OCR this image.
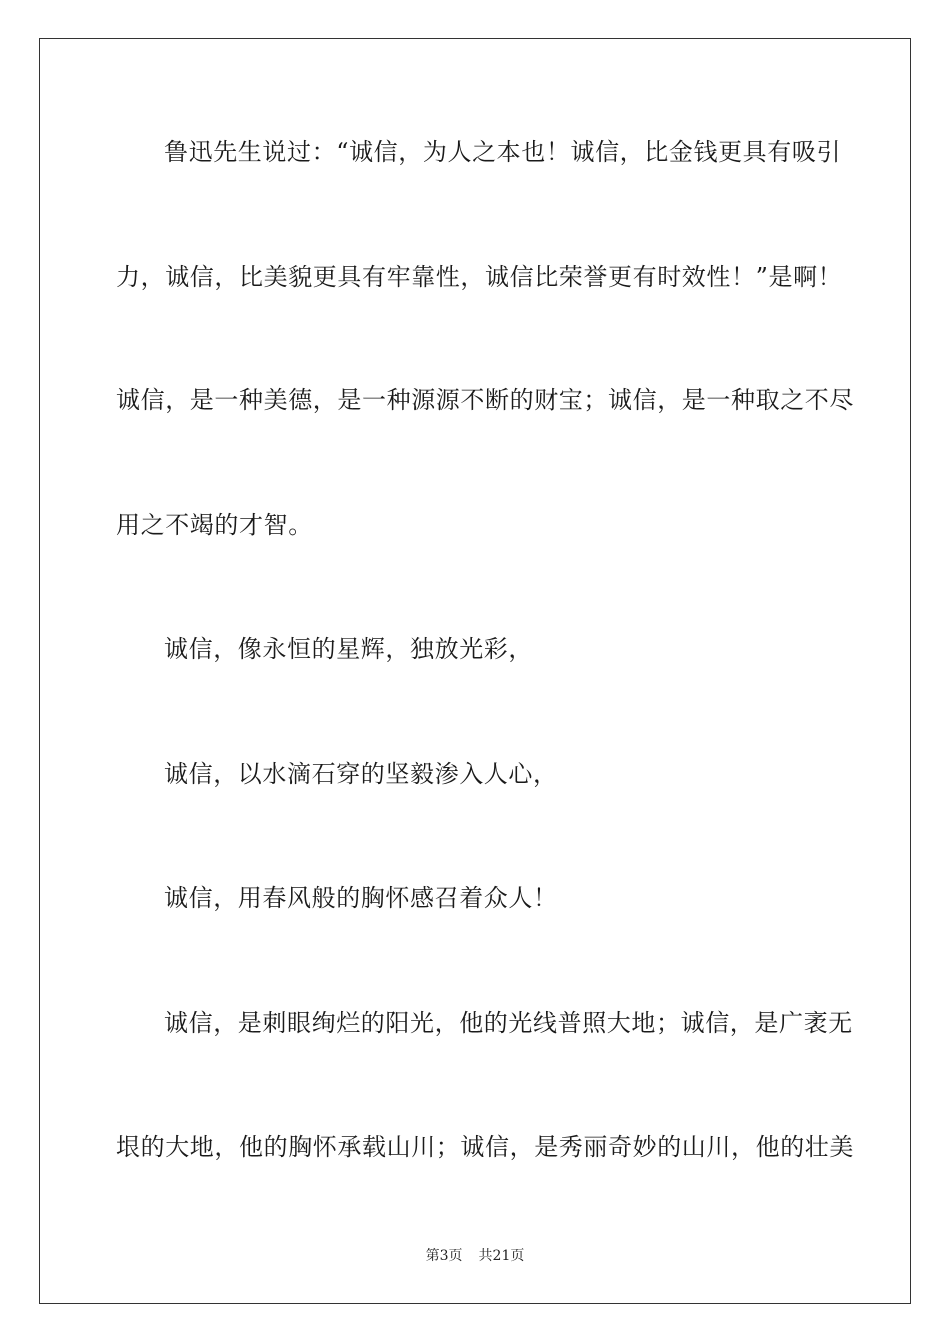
鲁迅先生说过：“诚信，为人之本也！诚信，比金钱更具有吸引
力，诚信，比美貌更具有牢靠性，诚信比荣誉更有时效性！”是啊！
诚信，是一种美德，是一种源源不断的财宝；诚信，是一种取之不尽
用之不竭的才智。
诚信，像永恒的星辉，独放光彩，
诚信，以水滴石穿的坚毅渗入人心，
诚信，用春风般的胸怀感召着众人！
诚信，是刺眼绚烂的阳光，他的光线普照大地；诚信，是广袤无
垠的大地，他的胸怀承载山川；诚信，是秀丽奇妙的山川，他的壮美
第3页 共21页
